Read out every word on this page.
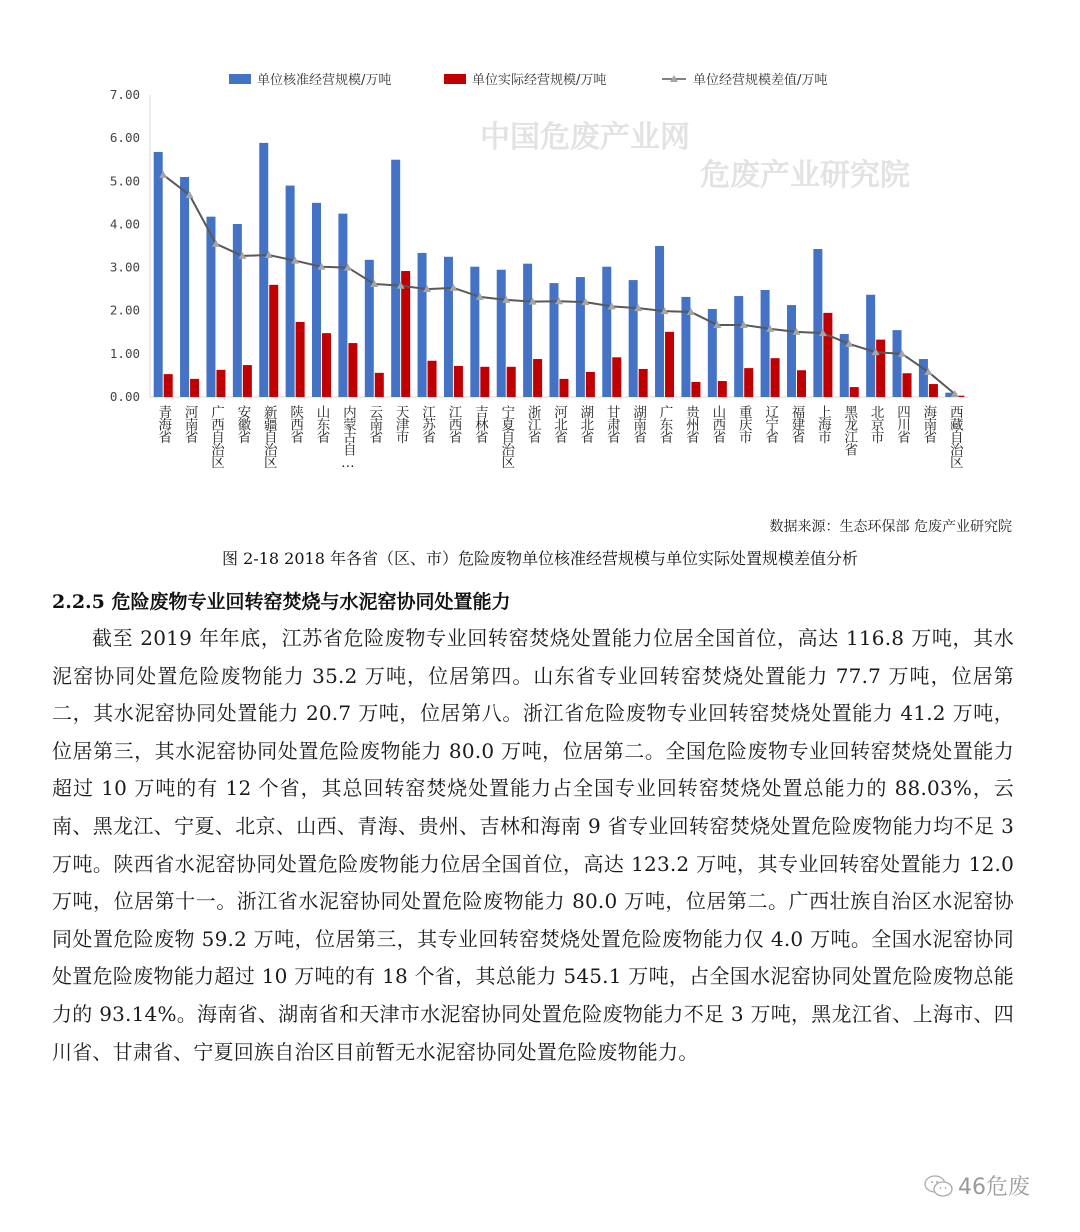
0.00
1.00
2.00
3.00
4.00
5.00
6.00
7.00
青海省 河南省 广西自治区 安徽省 新疆自治区 陕西省 山东省 内蒙古自… 云南省 天津市 江苏省 江西省 吉林省 宁夏自治区 浙江省 河北省 湖北省 甘肃省 湖南省 广东省 贵州省 山西省 重庆市 辽宁省 福建省 上海市 黑龙江省 北京市 四川省 海南省 西藏自治区
单位核准经营规模/万吨	单位实际经营规模/万吨	单位经营规模差值/万吨
中国危废产业网
危废产业研究院
数据来源：生态环保部 危废产业研究院
图 2-18 2018 年各省（区、市）危险废物单位核准经营规模与单位实际处置规模差值分析
2.2.5 危险废物专业回转窑焚烧与水泥窑协同处置能力
截至 2019 年年底，江苏省危险废物专业回转窑焚烧处置能力位居全国首位，高达 116.8 万吨，其水泥窑协同处置危险废物能力 35.2 万吨，位居第四。山东省专业回转窑焚烧处置能力 77.7 万吨，位居第二，其水泥窑协同处置能力 20.7 万吨，位居第八。浙江省危险废物专业回转窑焚烧处置能力 41.2 万吨，位居第三，其水泥窑协同处置危险废物能力 80.0 万吨，位居第二。全国危险废物专业回转窑焚烧处置能力超过 10 万吨的有 12 个省，其总回转窑焚烧处置能力占全国专业回转窑焚烧处置总能力的 88.03%，云南、黑龙江、宁夏、北京、山西、青海、贵州、吉林和海南 9 省专业回转窑焚烧处置危险废物能力均不足 3 万吨。陕西省水泥窑协同处置危险废物能力位居全国首位，高达 123.2 万吨，其专业回转窑处置能力 12.0 万吨，位居第十一。浙江省水泥窑协同处置危险废物能力 80.0 万吨，位居第二。广西壮族自治区水泥窑协同处置危险废物 59.2 万吨，位居第三，其专业回转窑焚烧处置危险废物能力仅 4.0 万吨。全国水泥窑协同处置危险废物能力超过 10 万吨的有 18 个省，其总能力 545.1 万吨，占全国水泥窑协同处置危险废物总能力的 93.14%。海南省、湖南省和天津市水泥窑协同处置危险废物能力不足 3 万吨，黑龙江省、上海市、四川省、甘肃省、宁夏回族自治区目前暂无水泥窑协同处置危险废物能力。
46危废
